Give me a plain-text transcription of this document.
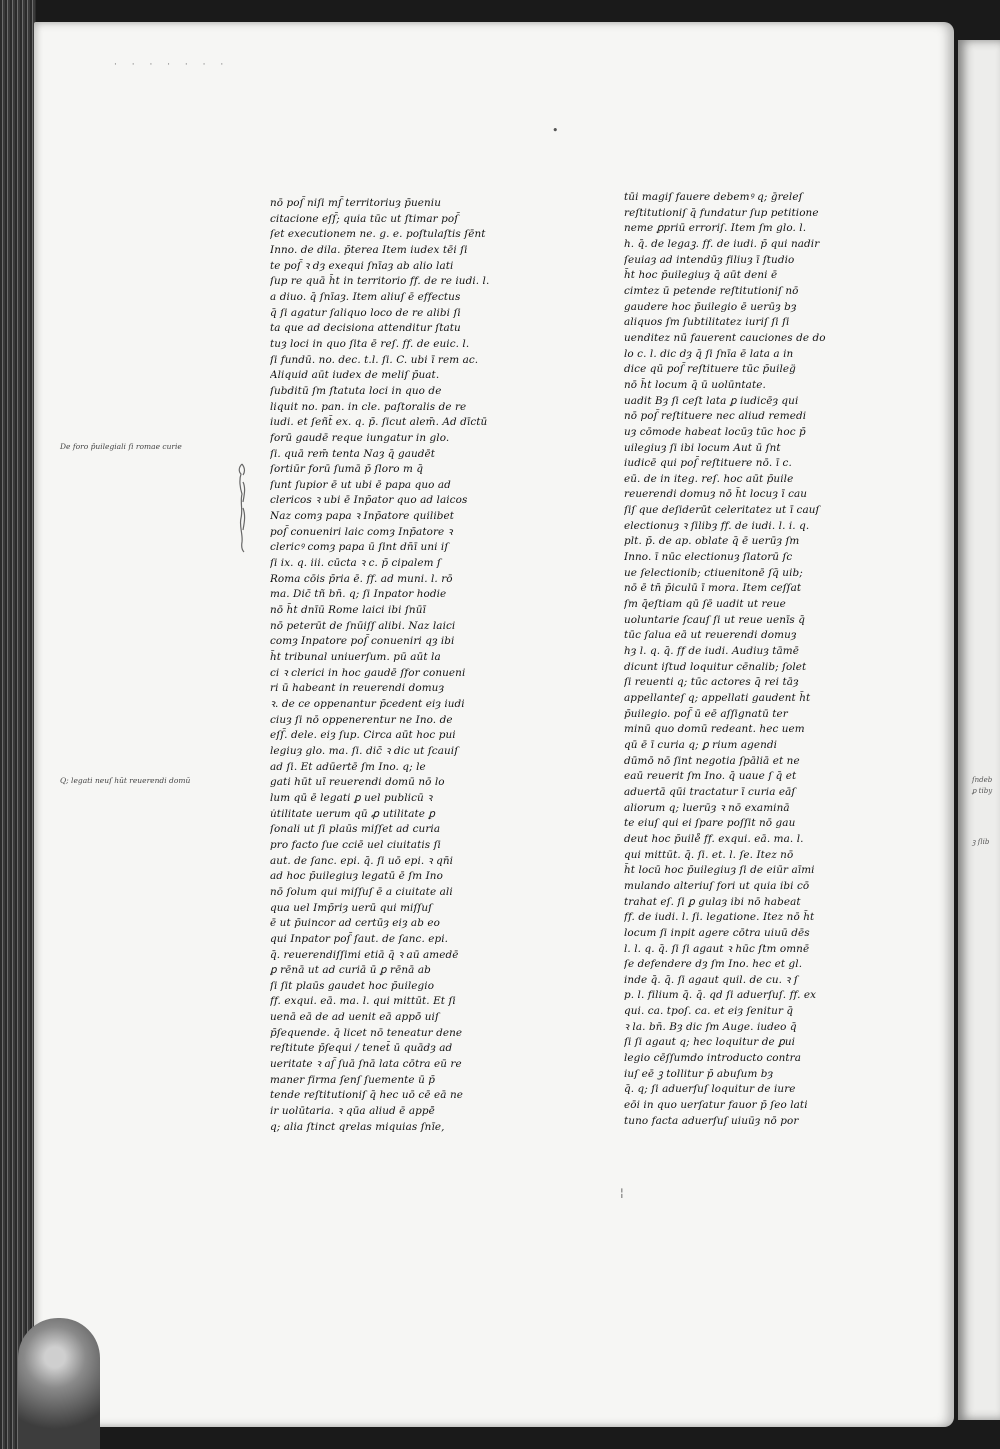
ſndeb
ꝑ tiby
ꝫ ſlib
· · · · · · ·
De foro p̄uilegiali ſi romae curie
Q; legati neuſ hūt reuerendi domū
nō poſ̄ niſi mſ̄ territoriuȝ p̄ueniu
citacione eſſ̄; quia tūc ut ſtimar poſ̄
ſet executionem ne. g. e. poſtulaſtis ſēnt
Inno. de dila. p̄terea Item iudex tēi ſi
te poſ̄ ꝛ dȝ exequi ſnīaȝ ab alio lati
ſup re quā h̄t in territorio ff. de re iudi. l.
a diuo. q̄ ſnīaȝ. Item aliuſ ē effectus
q̄ ſi agatur ſaliquo loco de re alibi ſi
ta que ad decisiona attenditur ſtatu
tuȝ loci in quo ſita ē reſ. ff. de euic. l.
ſi fundū. no. dec. t.l. ſi. C. ubi ī rem ac.
Aliquid aūt iudex de meliſ p̄uat.
ſubditū ſm ſtatuta loci in quo de
liquit no. pan. in cle. paſtoralis de re
iudi. et ſeñt̄ ex. q. p̄. ſicut alem̄. Ad dīctū
forū gaudē reque iungatur in glo.
ſi. quā rem̄ tenta Naȝ q̄ gaudēt
ſortiūr forū ſumā p̄ ſloro m q̄
ſunt ſupior ē ut ubi ē papa quo ad
clericos ꝛ ubi ē Inp̄ator quo ad laicos
Naz comȝ papa ꝛ Inp̄atore quilibet
poſ̄ conueniri laic comȝ Inp̄atore ꝛ
clericꝰ comȝ papa ū ſint dn̄ī uni iſ
ſi ix. q. iii. cūcta ꝛ c. p̄ cipalem ſ
Roma cōis p̄ria ē. ff. ad muni. l. rō
ma. Dic̄ tñ bn̄. q; ſi Inpator hodie
nō h̄t dnīū Rome laici ibi ſnūī
nō peterūt de ſnūiſſ alibi. Naz laici
comȝ Inpatore poſ̄ conueniri qȝ ibi
h̄t tribunal uniuerſum. pū aūt la
ci ꝛ clerici in hoc gaudē ſfor conueni
ri ū habeant in reuerendi domuȝ
ꝛ. de ce oppenantur p̄cedent eiȝ iudi
ciuȝ ſi nō oppenerentur ne Ino. de
eſſ̄. dele. eiȝ ſup. Circa aūt hoc pui
legiuȝ glo. ma. ſi. dic̄ ꝛ dic ut ſcauiſ
ad ſi. Et adūertē ſm Ino. q; le
gati hūt uī reuerendi domū nō lo
lum qū ē legati ꝑ uel publicū ꝛ
u̇tilitate uerum qū ꝓ utilitate ꝑ
ſonali ut ſi plaūs miſſet ad curia
pro facto ſue cciē uel ciuitatis ſi
aut. de ſanc. epi. q̄. ſi uō epi. ꝛ qn̄i
ad hoc p̄uilegiuȝ legatū ē ſm Ino
nō ſolum qui miſſuſ ē a ciuitate ali
qua uel Imp̄riȝ uerū qui miſſuſ
ē ut p̄uincor ad certūȝ eiȝ ab eo
qui Inpator poſ̄ ſaut. de ſanc. epi.
q̄. reuerendiſſimi etiā q̄ ꝛ aū amedē
ꝑ rēnā ut ad curiā ū ꝑ rēnā ab
ſi ſit plaūs gaudet hoc p̄uilegio
ff. exqui. eā. ma. l. qui mittūt. Et ſi
uenā eā de ad uenit eā appō̄ uiſ
p̄ſequende. q̄ licet nō teneatur dene
reſtitute p̄ſequi / tenet̄ ū quādȝ ad
ueritate ꝛ aſ̄ ſuā ſnā lata cōtra eū re
maner firma ſenſ ſuemente ū p̄
tende reſtitutioniſ q̄ hec uō cē eā ne
ir uolūtaria. ꝛ qūa aliud ē appē̄
q; alia ſtinct qrelas miquias ſnīe,
tūi magiſ fauere debemꝰ q; ḡreleſ
reſtitutioniſ q̄ fundatur ſup petitione
neme ꝑpriū erroriſ. Item ſm glo. l.
h. q̄. de legaꝫ. ff. de iudi. p̄ qui nadir
ſeuiaȝ ad intendūȝ filiuȝ ī ſtudio
h̄t hoc p̄uilegiuȝ q̄ aūt deni ē
cimtez ū petende reſtitutioniſ nō
gaudere hoc p̄uilegio ē uerūȝ bȝ
aliquos ſm ſubtilitatez iuriſ ſi ſi
uenditez nū fauerent cauciones de do
lo c. l. dic dȝ q̄ ſi ſnīa ē lata a in
dice qū poſ̄ reſtituere tūc p̄uileg̈
nō h̄t locum q̄ ū uolūntate.
uadit Bȝ ſi ceſt lata ꝑ iudicēȝ qui
nō poſ̄ reſtituere nec aliud remedi
uȝ cōmode habeat locūȝ tūc hoc p̄
uilegiuȝ ſi ibi locum Aut ū ſnt
iudicē qui poſ̄ reſtituere nō. ī c.
eū. de in iteg. reſ. hoc aūt p̄uile
reuerendi domuȝ nō h̄t locuȝ ī cau
ſiſ que deſiderūt celeritatez ut ī cauſ
electionuȝ ꝛ ſilibȝ ff. de iudi. l. i. q.
plt. p̄. de ap. oblate q̄ ē uerūȝ ſm
Inno. ī nūc electionuȝ ſlatorū ſc
ue ſelectionib; ctiuenitonē ſq̄ uib;
nō ē tn̄ p̄iculū ī mora. Item ceſſat
ſm q̄eſtiam qū ſē uadit ut reue
uoluntarie ſcauſ ſi ut reue uenīs q̄
tūc ſalua eā ut reuerendi domuȝ
hȝ l. q. q̄. ff de iudi. Audiuȝ tāmē
dicunt iſtud loquitur cēnalib; ſolet
ſi reuenti q; tūc actores q̄ rei tāȝ
appellanteſ q; appellati gaudent h̄t
p̄uilegio. poſ̄ ū eē aſſignatū ter
minū quo domū redeant. hec uem
qū ē ī curia q; ꝑ rium agendi
dūmō nō ſint negotia ſpāliā et ne
eaū reuerit ſm Ino. q̄ uaue ſ q̄ et
aduertā qūi tractatur ī curia eāſ
aliorum q; luerūȝ ꝛ nō examinā
te eiuſ qui ei ſpare poſſit nō gau
deut hoc p̄uile̊ ff. exqui. eā. ma. l.
qui mittūt. q̄. ſi. et. l. ſe. Itez nō
h̄t locū hoc p̄uilegiuȝ ſi de eiūr aīmi
mulando alteriuſ fori ut quia ibi cō
trahat eſ. ſi ꝑ gulaȝ ibi nō habeat
ff. de iudi. l. ſi. legatione. Itez nō h̄t
locum ſi inpit agere cōtra uiuū dēs
l. l. q. q̄. ſi ſi agaut ꝛ hūc ſtm omnē
ſe defendere dȝ ſm Ino. hec et gl.
inde q̄. q̄. ſi agaut quil. de cu. ꝛ ſ
p. l. filium q̄. q̄. qd ſi aduerſuſ. ff. ex
qui. ca. tpoſ. ca. et eiȝ ſenitur q̄
ꝛ la. bn̄. Bȝ dic ſm Auge. iudeo q̄
ſi ſi agaut q; hec loquitur de ꝑui
legio cēſſumdo introducto contra
iuſ eē ꝫ tollitur p̄ abuſum bȝ
q̄. q; ſi aduerſuſ loquitur de iure
eōi in quo uerſatur fauor p̄ ſeo lati
tuno facta aduerſuſ uiuūȝ nō por
•
¦
